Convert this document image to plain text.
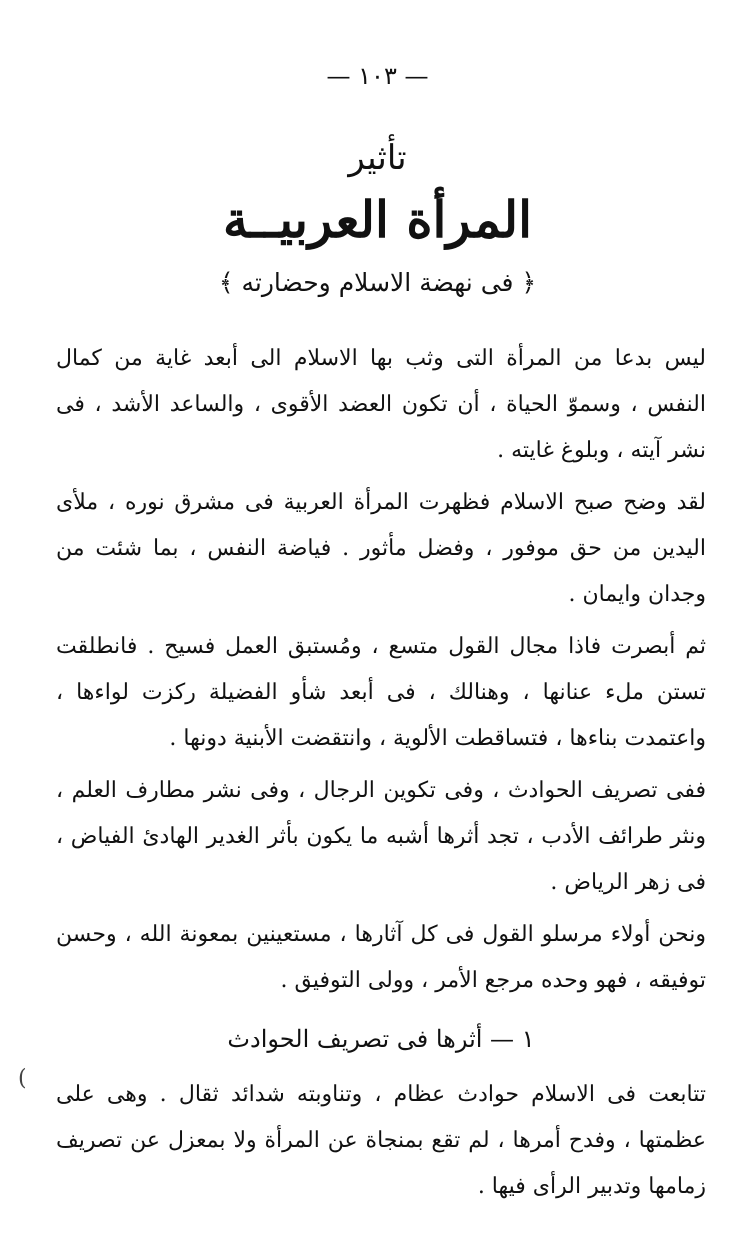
— ١٠٣ —
تأثير
المرأة العربيــة
﴿ فى نهضة الاسلام وحضارته ﴾

ليس بدعا من المرأة التى وثب بها الاسلام الى أبعد غاية من كمال النفس ، وسموّ الحياة ، أن تكون العضد الأقوى ، والساعد الأشد ، فى نشر آيته ، وبلوغ غايته .

لقد وضح صبح الاسلام فظهرت المرأة العربية فى مشرق نوره ، ملأى اليدين من حق موفور ، وفضل مأثور . فياضة النفس ، بما شئت من وجدان وايمان .

ثم أبصرت فاذا مجال القول متسع ، ومُستبق العمل فسيح . فانطلقت تستن ملء عنانها ، وهنالك ، فى أبعد شأو الفضيلة ركزت لواءها ، واعتمدت بناءها ، فتساقطت الألوية ، وانتقضت الأبنية دونها .

ففى تصريف الحوادث ، وفى تكوين الرجال ، وفى نشر مطارف العلم ، ونثر طرائف الأدب ، تجد أثرها أشبه ما يكون بأثر الغدير الهادئ الفياض ، فى زهر الرياض .

ونحن أولاء مرسلو القول فى كل آثارها ، مستعينين بمعونة الله ، وحسن توفيقه ، فهو وحده مرجع الأمر ، وولى التوفيق .

١ — أثرها فى تصريف الحوادث

تتابعت فى الاسلام حوادث عظام ، وتناوبته شدائد ثقال . وهى على عظمتها ، وفدح أمرها ، لم تقع بمنجاة عن المرأة ولا بمعزل عن تصريف زمامها وتدبير الرأى فيها .

(
